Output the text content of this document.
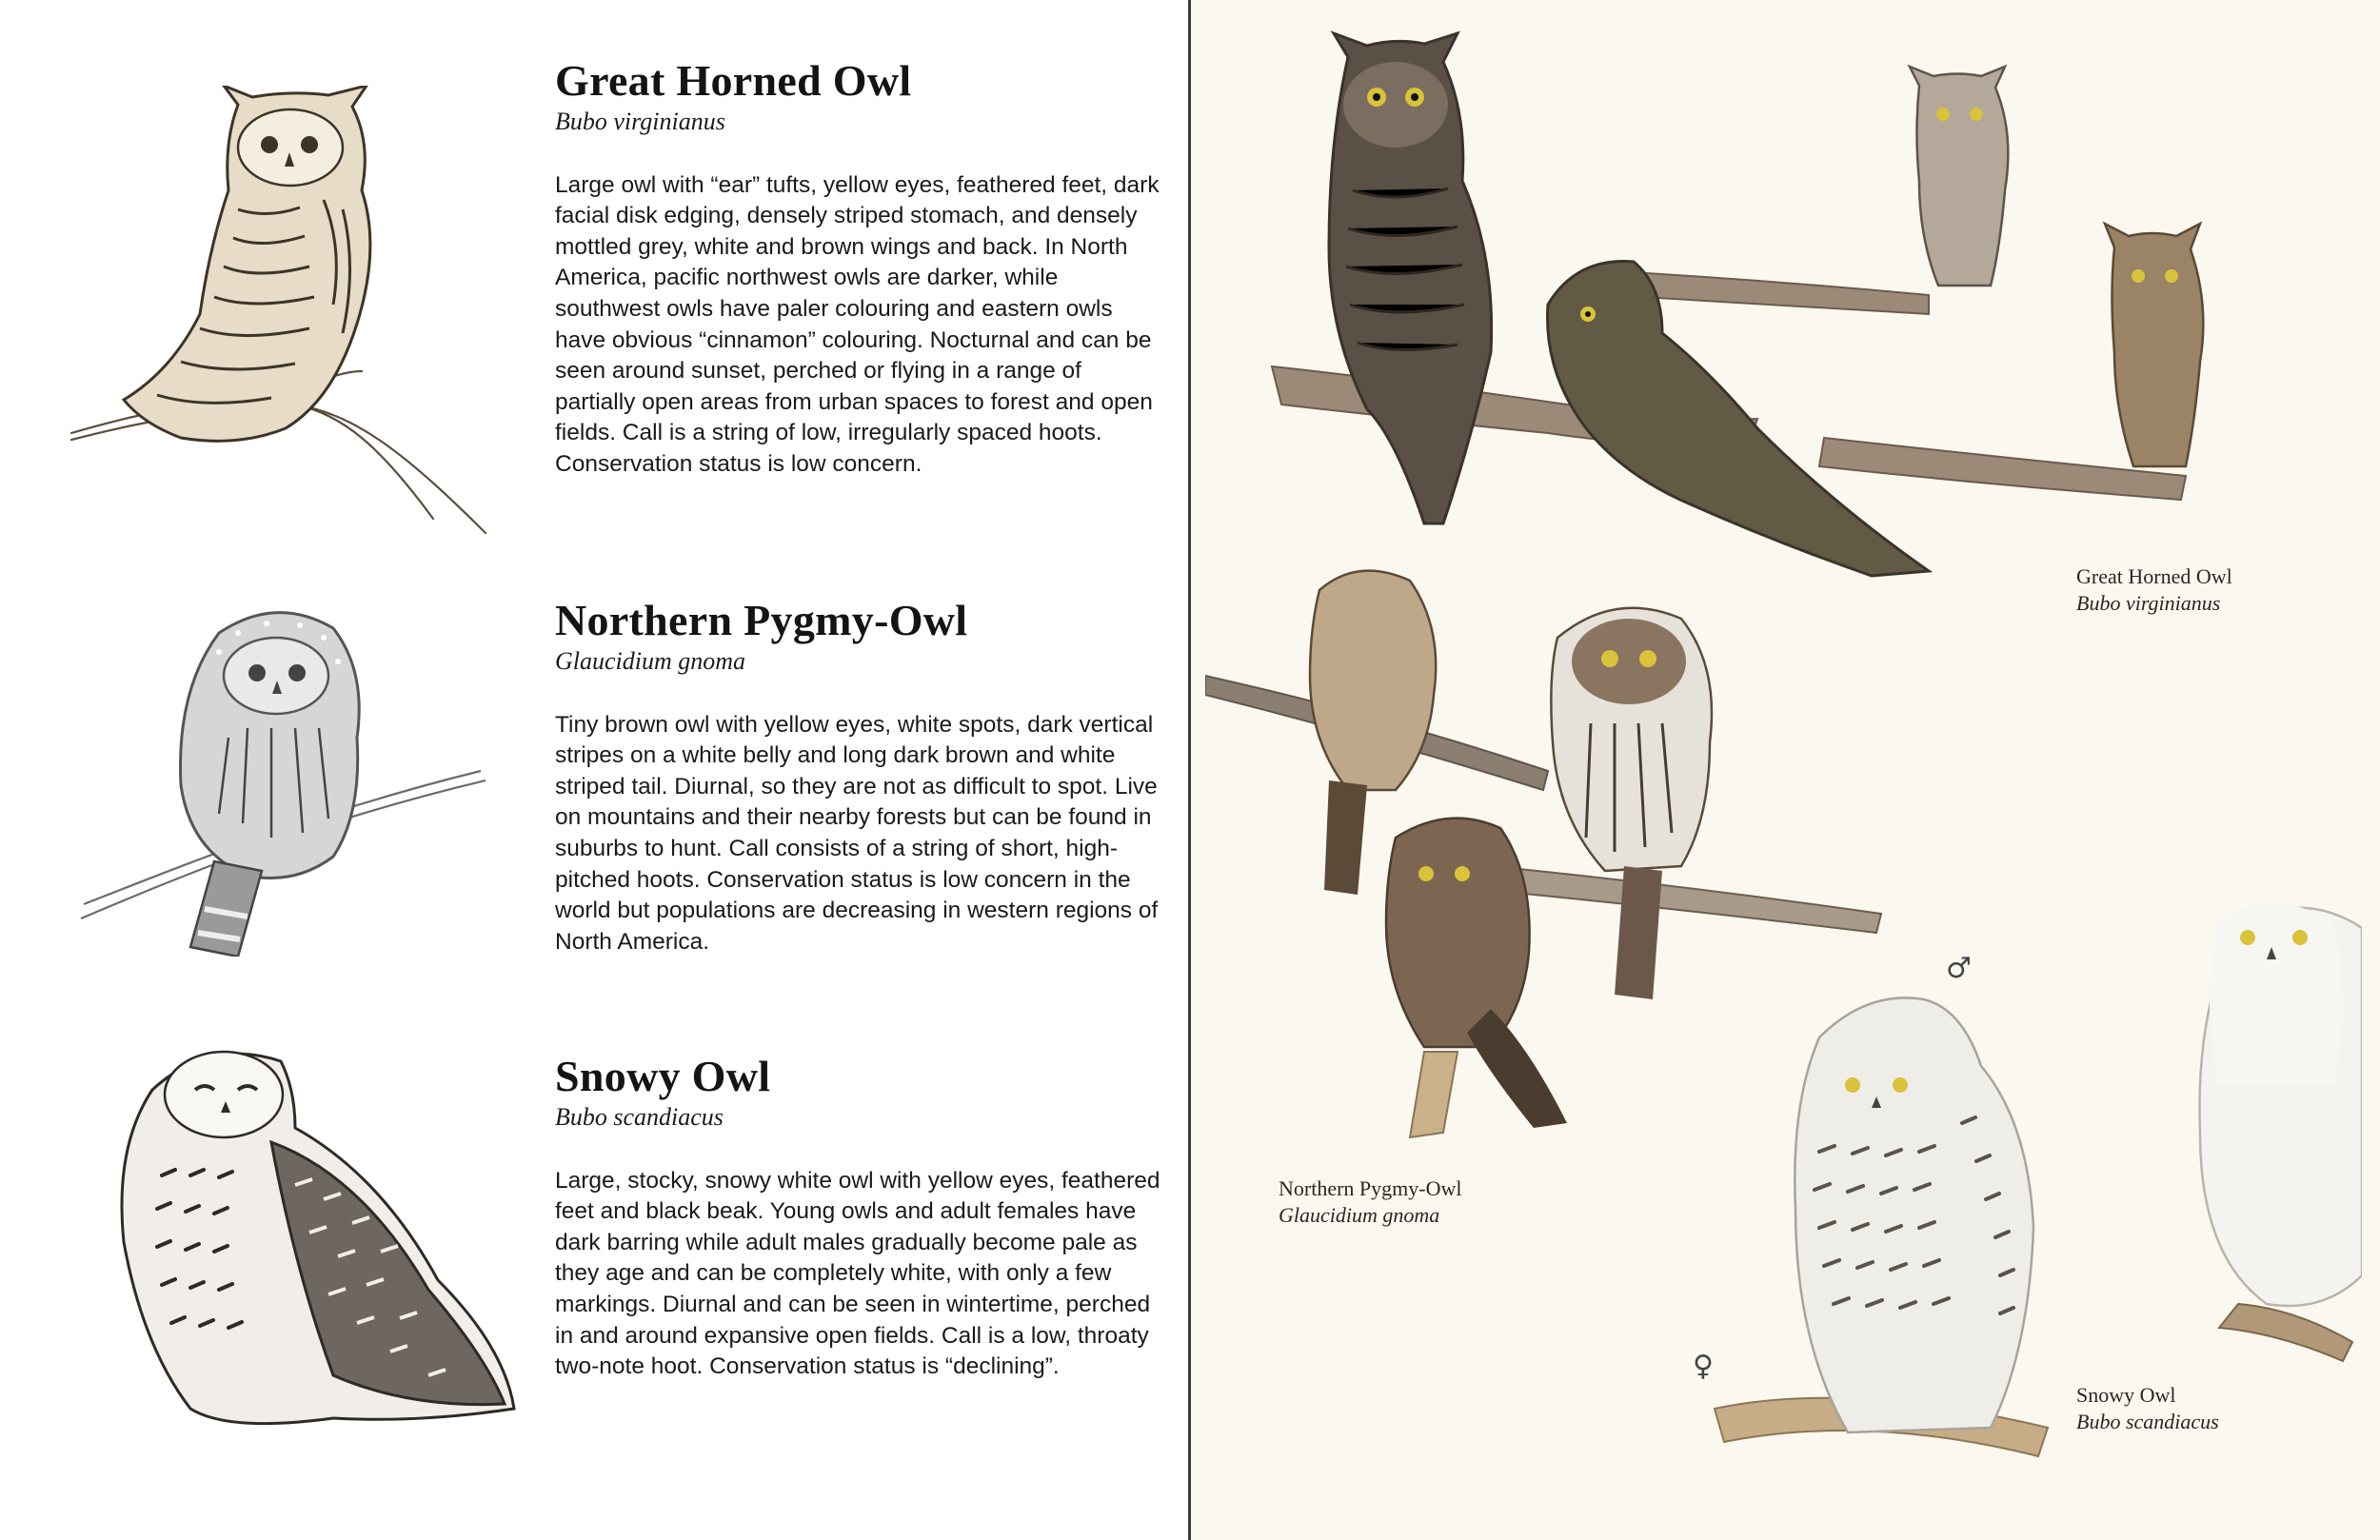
Great Horned Owl
Bubo virginianus

Large owl with “ear” tufts, yellow eyes, feathered feet, dark facial disk edging, densely striped stomach, and densely mottled grey, white and brown wings and back. In North America, pacific northwest owls are darker, while southwest owls have paler colouring and eastern owls have obvious “cinnamon” colouring. Nocturnal and can be seen around sunset, perched or flying in a range of partially open areas from urban spaces to forest and open fields. Call is a string of low, irregularly spaced hoots. Conservation status is low concern.

Northern Pygmy-Owl
Glaucidium gnoma

Tiny brown owl with yellow eyes, white spots, dark vertical stripes on a white belly and long dark brown and white striped tail. Diurnal, so they are not as difficult to spot. Live on mountains and their nearby forests but can be found in suburbs to hunt. Call consists of a string of short, high-pitched hoots. Conservation status is low concern in the world but populations are decreasing in western regions of North America.

Snowy Owl
Bubo scandiacus

Large, stocky, snowy white owl with yellow eyes, feathered feet and black beak. Young owls and adult females have dark barring while adult males gradually become pale as they age and can be completely white, with only a few markings. Diurnal and can be seen in wintertime, perched in and around expansive open fields. Call is a low, throaty two-note hoot. Conservation status is “declining”.

Great Horned Owl
Bubo virginianus
Northern Pygmy-Owl
Glaucidium gnoma
♂
♀
Snowy Owl
Bubo scandiacus
